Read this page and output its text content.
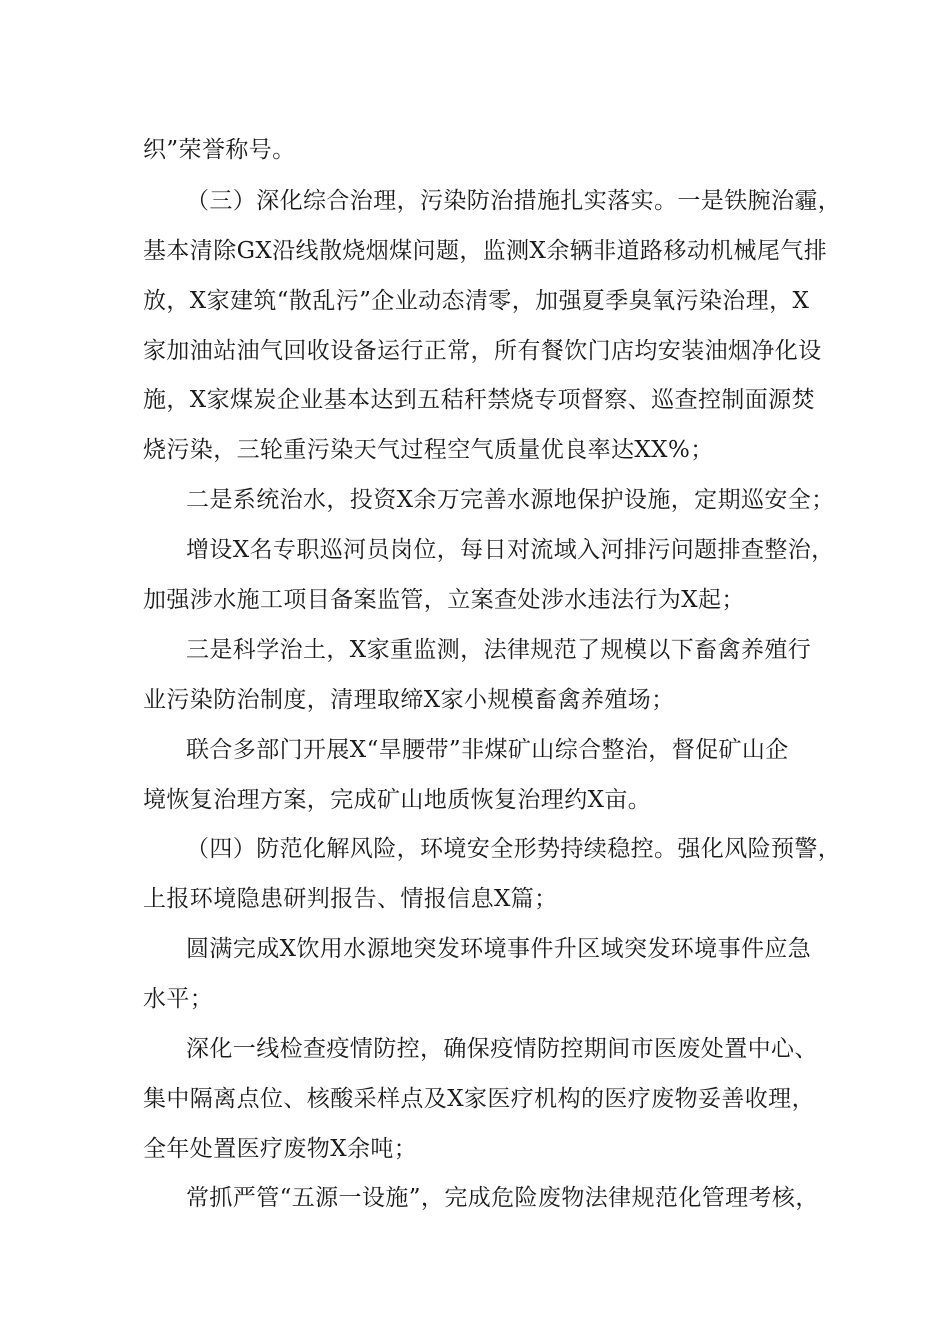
织”荣誉称号。
（三）深化综合治理，污染防治措施扎实落实。一是铁腕治霾，
基本清除GX沿线散烧烟煤问题，监测X余辆非道路移动机械尾气排
放，X家建筑“散乱污”企业动态清零，加强夏季臭氧污染治理，X
家加油站油气回收设备运行正常，所有餐饮门店均安装油烟净化设
施，X家煤炭企业基本达到五秸秆禁烧专项督察、巡查控制面源焚
烧污染，三轮重污染天气过程空气质量优良率达XX%；
二是系统治水，投资X余万完善水源地保护设施，定期巡安全；
增设X名专职巡河员岗位，每日对流域入河排污问题排查整治，
加强涉水施工项目备案监管，立案查处涉水违法行为X起；
三是科学治土，X家重监测，法律规范了规模以下畜禽养殖行
业污染防治制度，清理取缔X家小规模畜禽养殖场；
联合多部门开展X“旱腰带”非煤矿山综合整治，督促矿山企
境恢复治理方案，完成矿山地质恢复治理约X亩。
（四）防范化解风险，环境安全形势持续稳控。强化风险预警，
上报环境隐患研判报告、情报信息X篇；
圆满完成X饮用水源地突发环境事件升区域突发环境事件应急
水平；
深化一线检查疫情防控，确保疫情防控期间市医废处置中心、
集中隔离点位、核酸采样点及X家医疗机构的医疗废物妥善收理，
全年处置医疗废物X余吨；
常抓严管“五源一设施”，完成危险废物法律规范化管理考核，
